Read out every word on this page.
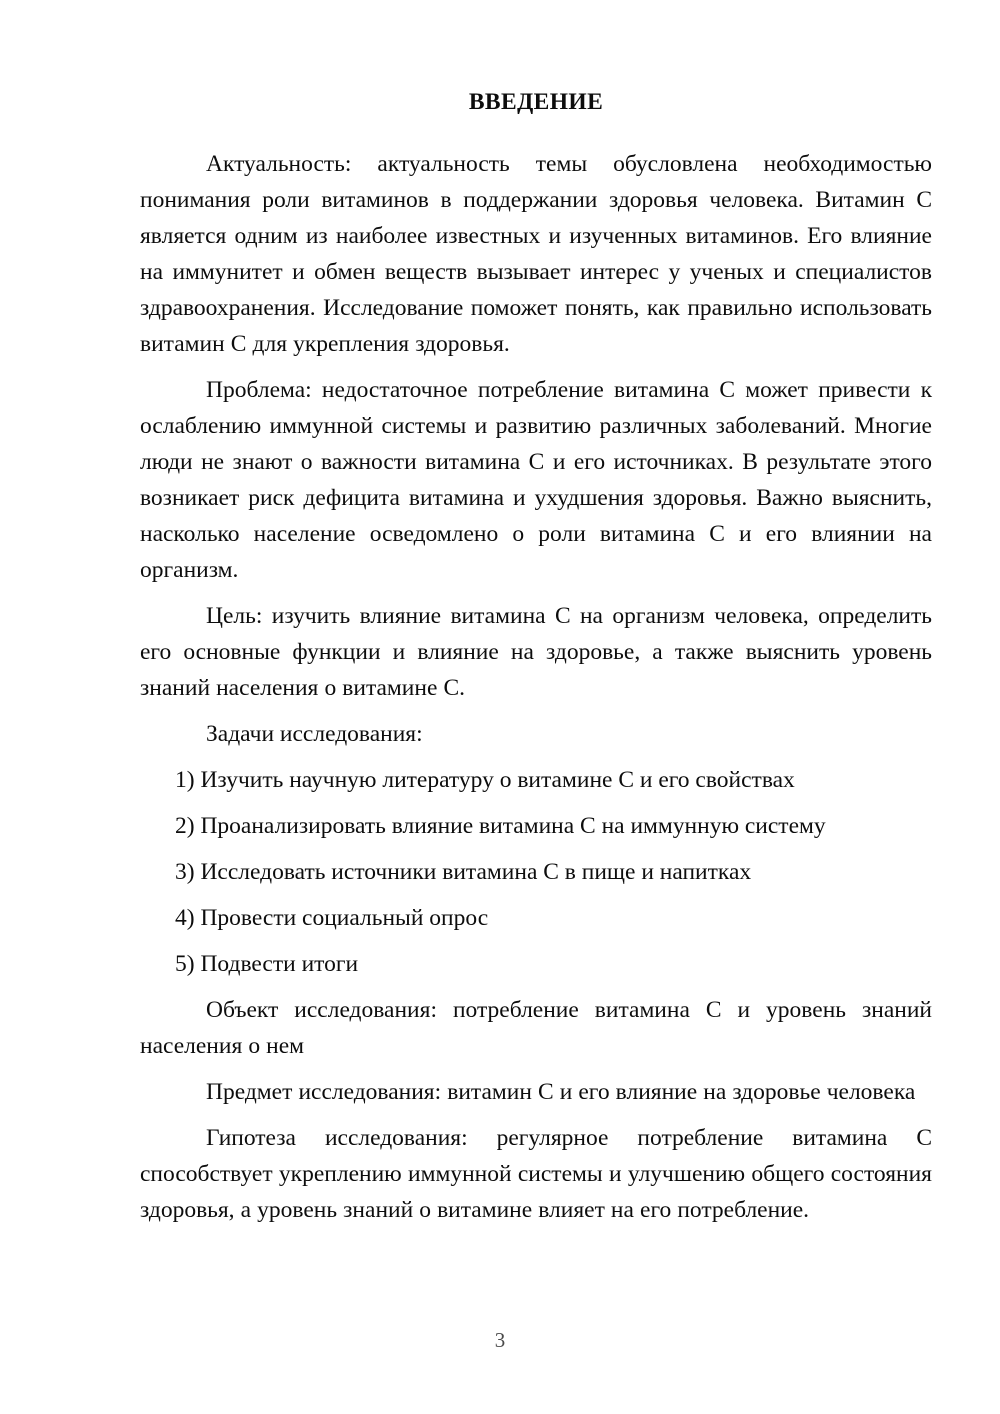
ВВЕДЕНИЕ

Актуальность: актуальность темы обусловлена необходимостью понимания роли витаминов в поддержании здоровья человека. Витамин С является одним из наиболее известных и изученных витаминов. Его влияние на иммунитет и обмен веществ вызывает интерес у ученых и специалистов здравоохранения. Исследование поможет понять, как правильно использовать витамин С для укрепления здоровья.

Проблема: недостаточное потребление витамина С может привести к ослаблению иммунной системы и развитию различных заболеваний. Многие люди не знают о важности витамина С и его источниках. В результате этого возникает риск дефицита витамина и ухудшения здоровья. Важно выяснить, насколько население осведомлено о роли витамина С и его влиянии на организм.

Цель: изучить влияние витамина С на организм человека, определить его основные функции и влияние на здоровье, а также выяснить уровень знаний населения о витамине С.

Задачи исследования:

1) Изучить научную литературу о витамине С и его свойствах
2) Проанализировать влияние витамина С на иммунную систему
3) Исследовать источники витамина С в пище и напитках
4) Провести социальный опрос
5) Подвести итоги

Объект исследования: потребление витамина С и уровень знаний населения о нем

Предмет исследования: витамин С и его влияние на здоровье человека

Гипотеза исследования: регулярное потребление витамина С способствует укреплению иммунной системы и улучшению общего состояния здоровья, а уровень знаний о витамине влияет на его потребление.

3
